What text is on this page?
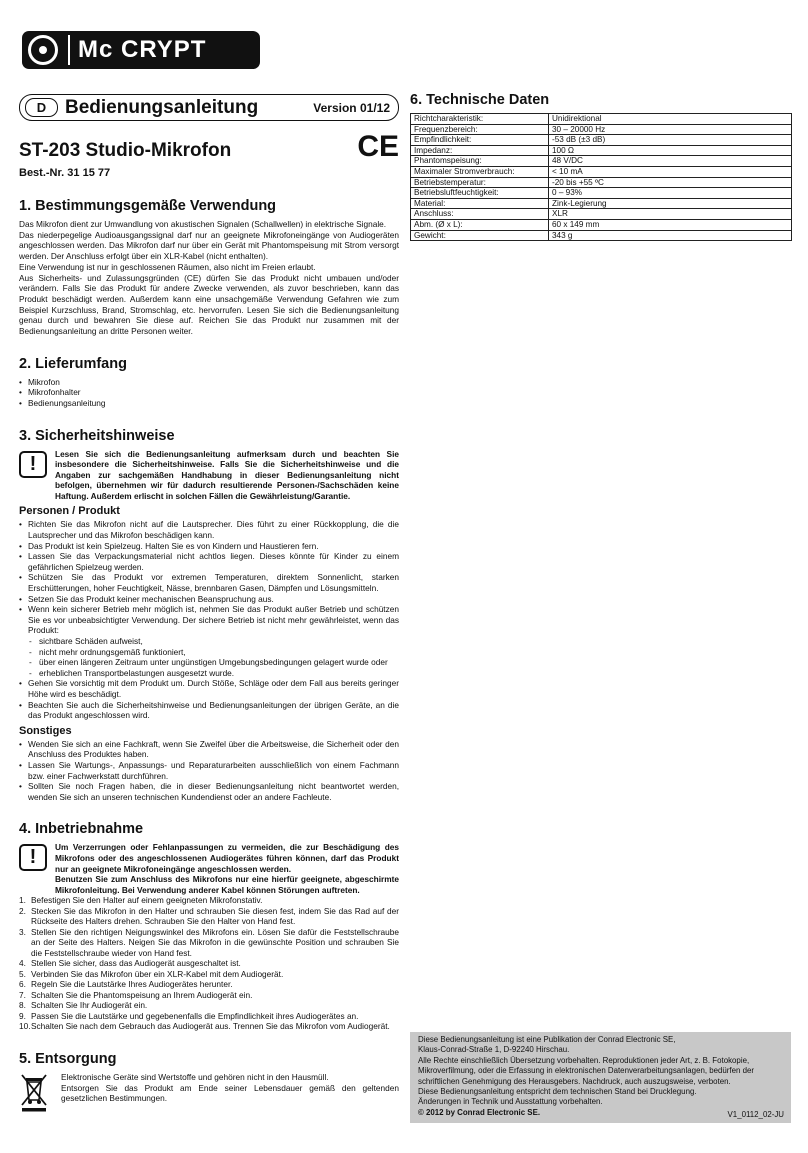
Mc CRYPT
D Bedienungsanleitung	Version 01/12
ST-203 Studio-Mikrofon	CE
Best.-Nr. 31 15 77
1. Bestimmungsgemäße Verwendung

Das Mikrofon dient zur Umwandlung von akustischen Signalen (Schallwellen) in elektrische Signale.

Das niederpegelige Audioausgangssignal darf nur an geeignete Mikrofoneingänge von Audiogeräten angeschlossen werden. Das Mikrofon darf nur über ein Gerät mit Phantomspeisung mit Strom versorgt werden. Der Anschluss erfolgt über ein XLR-Kabel (nicht enthalten).

Eine Verwendung ist nur in geschlossenen Räumen, also nicht im Freien erlaubt.

Aus Sicherheits- und Zulassungsgründen (CE) dürfen Sie das Produkt nicht umbauen und/oder verändern. Falls Sie das Produkt für andere Zwecke verwenden, als zuvor beschrieben, kann das Produkt beschädigt werden. Außerdem kann eine unsachgemäße Verwendung Gefahren wie zum Beispiel Kurzschluss, Brand, Stromschlag, etc. hervorrufen. Lesen Sie sich die Bedienungsanleitung genau durch und bewahren Sie diese auf. Reichen Sie das Produkt nur zusammen mit der Bedienungsanleitung an dritte Personen weiter.

2. Lieferumfang
• Mikrofon
• Mikrofonhalter
• Bedienungsanleitung
3. Sicherheitshinweise
!	Lesen Sie sich die Bedienungsanleitung aufmerksam durch und beachten Sie insbesondere die Sicherheitshinweise. Falls Sie die Sicherheitshinweise und die Angaben zur sachgemäßen Handhabung in dieser Bedienungsanleitung nicht befolgen, übernehmen wir für dadurch resultierende Personen-/Sachschäden keine Haftung. Außerdem erlischt in solchen Fällen die Gewährleistung/Garantie.
Personen / Produkt
• Richten Sie das Mikrofon nicht auf die Lautsprecher. Dies führt zu einer Rückkopplung, die die Lautsprecher und das Mikrofon beschädigen kann.
• Das Produkt ist kein Spielzeug. Halten Sie es von Kindern und Haustieren fern.
• Lassen Sie das Verpackungsmaterial nicht achtlos liegen. Dieses könnte für Kinder zu einem gefährlichen Spielzeug werden.
• Schützen Sie das Produkt vor extremen Temperaturen, direktem Sonnenlicht, starken Erschütterungen, hoher Feuchtigkeit, Nässe, brennbaren Gasen, Dämpfen und Lösungsmitteln.
• Setzen Sie das Produkt keiner mechanischen Beanspruchung aus.
• Wenn kein sicherer Betrieb mehr möglich ist, nehmen Sie das Produkt außer Betrieb und schützen Sie es vor unbeabsichtigter Verwendung. Der sichere Betrieb ist nicht mehr gewährleistet, wenn das Produkt:
- sichtbare Schäden aufweist,
- nicht mehr ordnungsgemäß funktioniert,
- über einen längeren Zeitraum unter ungünstigen Umgebungsbedingungen gelagert wurde oder
- erheblichen Transportbelastungen ausgesetzt wurde.
• Gehen Sie vorsichtig mit dem Produkt um. Durch Stöße, Schläge oder dem Fall aus bereits geringer Höhe wird es beschädigt.
• Beachten Sie auch die Sicherheitshinweise und Bedienungsanleitungen der übrigen Geräte, an die das Produkt angeschlossen wird.
Sonstiges
• Wenden Sie sich an eine Fachkraft, wenn Sie Zweifel über die Arbeitsweise, die Sicherheit oder den Anschluss des Produktes haben.
• Lassen Sie Wartungs-, Anpassungs- und Reparaturarbeiten ausschließlich von einem Fachmann bzw. einer Fachwerkstatt durchführen.
• Sollten Sie noch Fragen haben, die in dieser Bedienungsanleitung nicht beantwortet werden, wenden Sie sich an unseren technischen Kundendienst oder an andere Fachleute.
4. Inbetriebnahme
!	Um Verzerrungen oder Fehlanpassungen zu vermeiden, die zur Beschädigung des Mikrofons oder des angeschlossenen Audiogerätes führen können, darf das Produkt nur an geeignete Mikrofoneingänge angeschlossen werden.
Benutzen Sie zum Anschluss des Mikrofons nur eine hierfür geeignete, abgeschirmte Mikrofonleitung. Bei Verwendung anderer Kabel können Störungen auftreten.
1. Befestigen Sie den Halter auf einem geeigneten Mikrofonstativ.
2. Stecken Sie das Mikrofon in den Halter und schrauben Sie diesen fest, indem Sie das Rad auf der Rückseite des Halters drehen. Schrauben Sie den Halter von Hand fest.
3. Stellen Sie den richtigen Neigungswinkel des Mikrofons ein. Lösen Sie dafür die Feststellschraube an der Seite des Halters. Neigen Sie das Mikrofon in die gewünschte Position und schrauben Sie die Feststellschraube wieder von Hand fest.
4. Stellen Sie sicher, dass das Audiogerät ausgeschaltet ist.
5. Verbinden Sie das Mikrofon über ein XLR-Kabel mit dem Audiogerät.
6. Regeln Sie die Lautstärke Ihres Audiogerätes herunter.
7. Schalten Sie die Phantomspeisung an Ihrem Audiogerät ein.
8. Schalten Sie Ihr Audiogerät ein.
9. Passen Sie die Lautstärke und gegebenenfalls die Empfindlichkeit ihres Audiogerätes an.
10. Schalten Sie nach dem Gebrauch das Audiogerät aus. Trennen Sie das Mikrofon vom Audiogerät.
5. Entsorgung

Elektronische Geräte sind Wertstoffe und gehören nicht in den Hausmüll.

Entsorgen Sie das Produkt am Ende seiner Lebensdauer gemäß den geltenden gesetzlichen Bestimmungen.

6. Technische Daten
Richtcharakteristik:	Unidirektional
Frequenzbereich:	30 – 20000 Hz
Empfindlichkeit:	-53 dB (±3 dB)
Impedanz:	100 Ω
Phantomspeisung:	48 V/DC
Maximaler Stromverbrauch:	< 10 mA
Betriebstemperatur:	-20 bis +55 ºC
Betriebsluftfeuchtigkeit:	0 – 93%
Material:	Zink-Legierung
Anschluss:	XLR
Abm. (Ø x L):	60 x 149 mm
Gewicht:	343 g
Diese Bedienungsanleitung ist eine Publikation der Conrad Electronic SE,
Klaus-Conrad-Straße 1, D-92240 Hirschau.
Alle Rechte einschließlich Übersetzung vorbehalten. Reproduktionen jeder Art, z. B. Fotokopie, Mikroverfilmung, oder die Erfassung in elektronischen Datenverarbeitungsanlagen, bedürfen der schriftlichen Genehmigung des Herausgebers. Nachdruck, auch auszugsweise, verboten.
Diese Bedienungsanleitung entspricht dem technischen Stand bei Drucklegung.
Änderungen in Technik und Ausstattung vorbehalten.
© 2012 by Conrad Electronic SE.	V1_0112_02-JU
